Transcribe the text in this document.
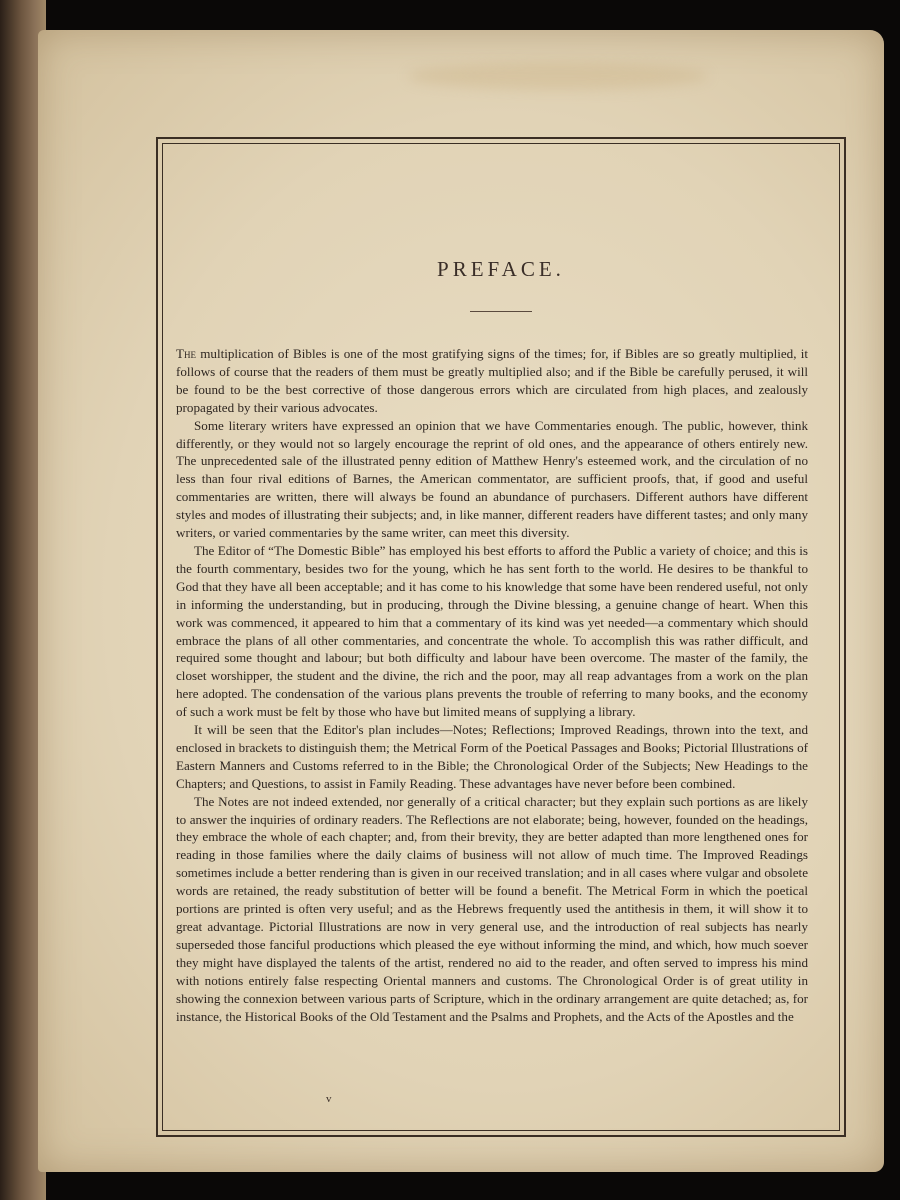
PREFACE.

The multiplication of Bibles is one of the most gratifying signs of the times; for, if Bibles are so greatly multiplied, it follows of course that the readers of them must be greatly multiplied also; and if the Bible be carefully perused, it will be found to be the best corrective of those dangerous errors which are circulated from high places, and zealously propagated by their various advocates.

Some literary writers have expressed an opinion that we have Commentaries enough. The public, however, think differently, or they would not so largely encourage the reprint of old ones, and the appearance of others entirely new. The unprecedented sale of the illustrated penny edition of Matthew Henry's esteemed work, and the circulation of no less than four rival editions of Barnes, the American commentator, are sufficient proofs, that, if good and useful commentaries are written, there will always be found an abundance of purchasers. Different authors have different styles and modes of illustrating their subjects; and, in like manner, different readers have different tastes; and only many writers, or varied commentaries by the same writer, can meet this diversity.

The Editor of “The Domestic Bible” has employed his best efforts to afford the Public a variety of choice; and this is the fourth commentary, besides two for the young, which he has sent forth to the world. He desires to be thankful to God that they have all been acceptable; and it has come to his knowledge that some have been rendered useful, not only in informing the understanding, but in producing, through the Divine blessing, a genuine change of heart. When this work was commenced, it appeared to him that a commentary of its kind was yet needed—a commentary which should embrace the plans of all other commentaries, and concentrate the whole. To accomplish this was rather difficult, and required some thought and labour; but both difficulty and labour have been overcome. The master of the family, the closet worshipper, the student and the divine, the rich and the poor, may all reap advantages from a work on the plan here adopted. The condensation of the various plans prevents the trouble of referring to many books, and the economy of such a work must be felt by those who have but limited means of supplying a library.

It will be seen that the Editor's plan includes—Notes; Reflections; Improved Readings, thrown into the text, and enclosed in brackets to distinguish them; the Metrical Form of the Poetical Passages and Books; Pictorial Illustrations of Eastern Manners and Customs referred to in the Bible; the Chronological Order of the Subjects; New Headings to the Chapters; and Questions, to assist in Family Reading. These advantages have never before been combined.

The Notes are not indeed extended, nor generally of a critical character; but they explain such portions as are likely to answer the inquiries of ordinary readers. The Reflections are not elaborate; being, however, founded on the headings, they embrace the whole of each chapter; and, from their brevity, they are better adapted than more lengthened ones for reading in those families where the daily claims of business will not allow of much time. The Improved Readings sometimes include a better rendering than is given in our received translation; and in all cases where vulgar and obsolete words are retained, the ready substitution of better will be found a benefit. The Metrical Form in which the poetical portions are printed is often very useful; and as the Hebrews frequently used the antithesis in them, it will show it to great advantage. Pictorial Illustrations are now in very general use, and the introduction of real subjects has nearly superseded those fanciful productions which pleased the eye without informing the mind, and which, how much soever they might have displayed the talents of the artist, rendered no aid to the reader, and often served to impress his mind with notions entirely false respecting Oriental manners and customs. The Chronological Order is of great utility in showing the connexion between various parts of Scripture, which in the ordinary arrangement are quite detached; as, for instance, the Historical Books of the Old Testament and the Psalms and Prophets, and the Acts of the Apostles and the

v
